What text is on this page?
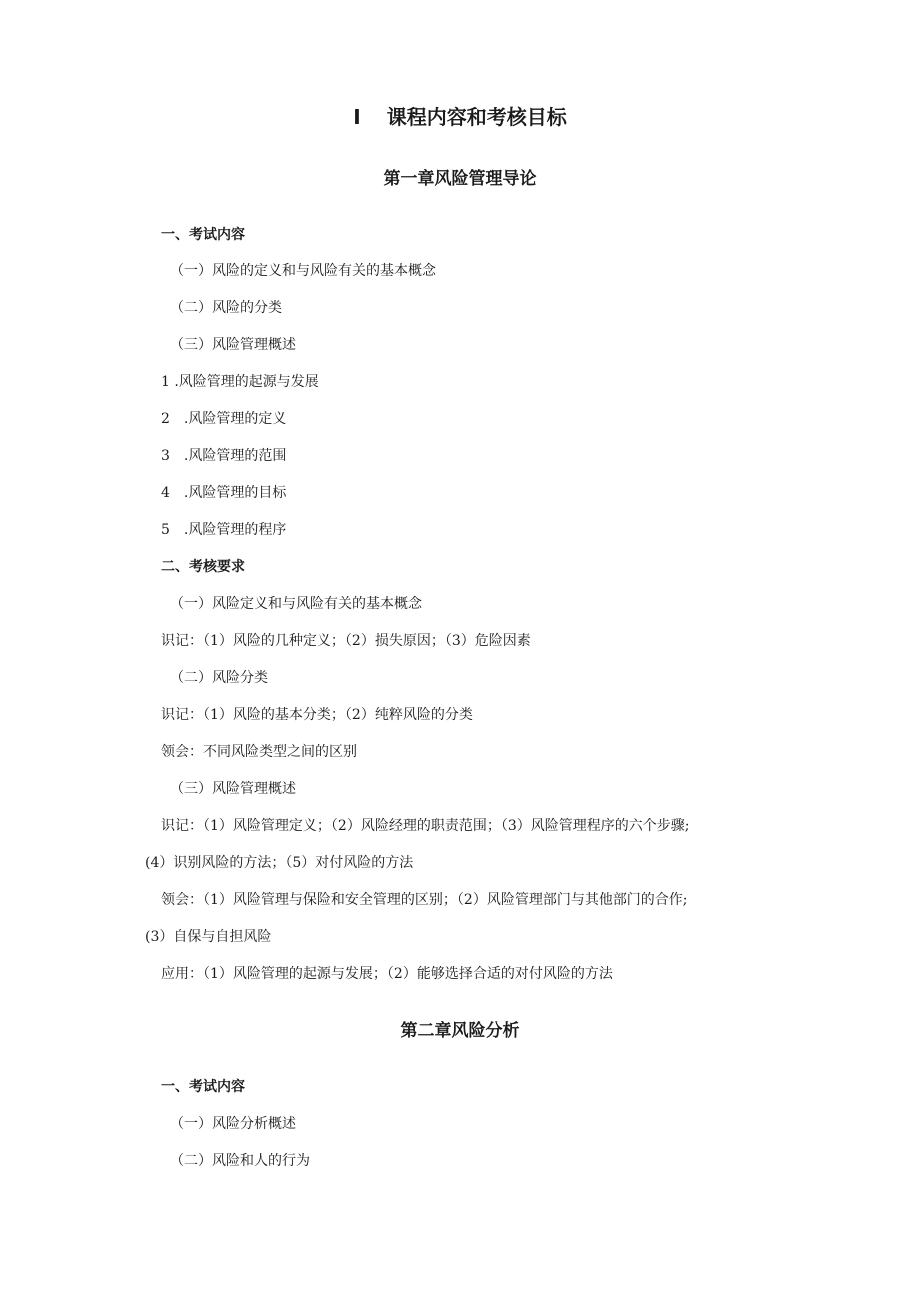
I 课程内容和考核目标
第一章风险管理导论
一、考试内容
（一）风险的定义和与风险有关的基本概念
（二）风险的分类
（三）风险管理概述
1 .风险管理的起源与发展
2　.风险管理的定义
3　.风险管理的范围
4　.风险管理的目标
5　.风险管理的程序
二、考核要求
（一）风险定义和与风险有关的基本概念
识记：（1）风险的几种定义；（2）损失原因；（3）危险因素
（二）风险分类
识记：（1）风险的基本分类；（2）纯粹风险的分类
领会：不同风险类型之间的区别
（三）风险管理概述
识记：（1）风险管理定义；（2）风险经理的职责范围；（3）风险管理程序的六个步骤;
(4）识别风险的方法；（5）对付风险的方法
领会：（1）风险管理与保险和安全管理的区别；（2）风险管理部门与其他部门的合作;
(3）自保与自担风险
应用：（1）风险管理的起源与发展；（2）能够选择合适的对付风险的方法
第二章风险分析
一、考试内容
（一）风险分析概述
（二）风险和人的行为
